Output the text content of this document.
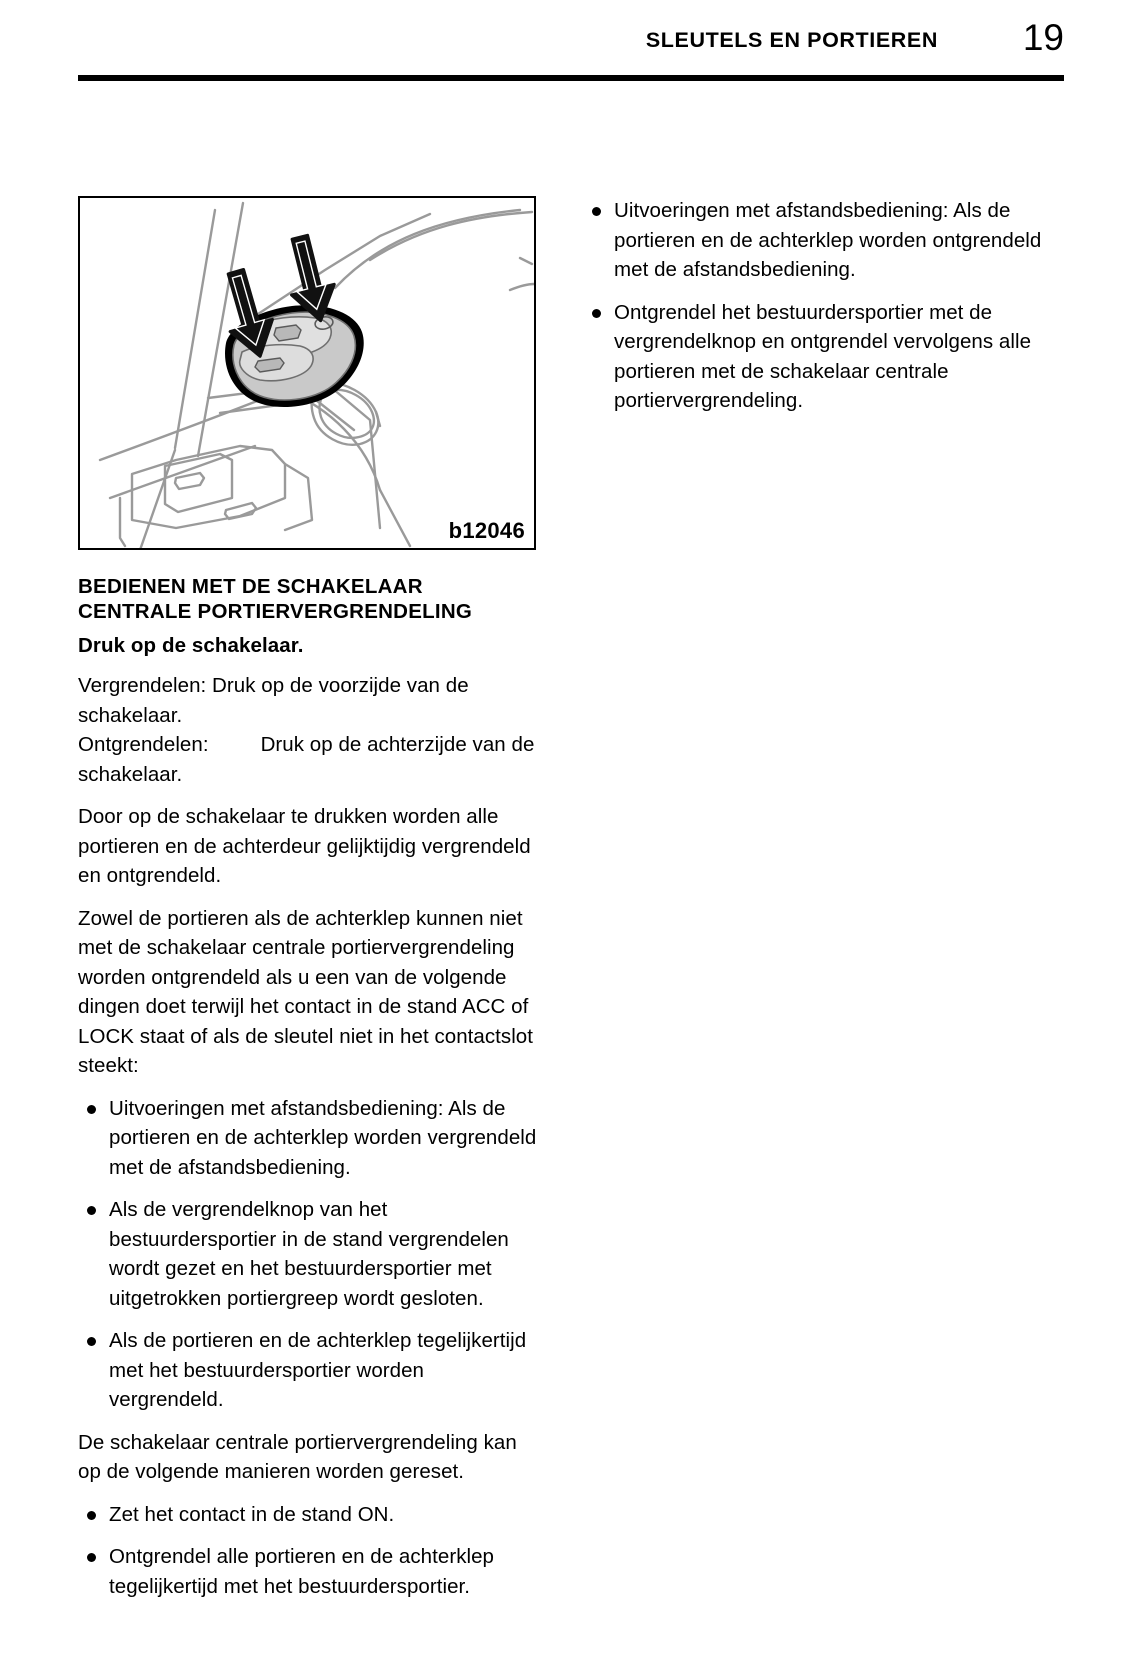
SLEUTELS EN PORTIEREN 19
b12046
BEDIENEN MET DE SCHAKELAAR CENTRALE PORTIERVERGRENDELING
Druk op de schakelaar.

Vergrendelen: Druk op de voorzijde van de schakelaar.

Ontgrendelen:	Druk op de achterzijde van de schakelaar.

Door op de schakelaar te drukken worden alle portieren en de achterdeur gelijktijdig vergrendeld en ontgrendeld.

Zowel de portieren als de achterklep kunnen niet met de schakelaar centrale portiervergrendeling worden ontgrendeld als u een van de volgende dingen doet terwijl het contact in de stand ACC of LOCK staat of als de sleutel niet in het contactslot steekt:

Uitvoeringen met afstandsbediening: Als de portieren en de achterklep worden vergrendeld met de afstandsbediening.
Als de vergrendelknop van het bestuurdersportier in de stand vergrendelen wordt gezet en het bestuurdersportier met uitgetrokken portiergreep wordt gesloten.
Als de portieren en de achterklep tegelijkertijd met het bestuurdersportier worden vergrendeld.

De schakelaar centrale portiervergrendeling kan op de volgende manieren worden gereset.

Zet het contact in de stand ON.
Ontgrendel alle portieren en de achterklep tegelijkertijd met het bestuurdersportier.
Uitvoeringen met afstandsbediening: Als de portieren en de achterklep worden ontgrendeld met de afstandsbediening.
Ontgrendel het bestuurdersportier met de vergrendelknop en ontgrendel vervolgens alle portieren met de schakelaar centrale portiervergrendeling.
